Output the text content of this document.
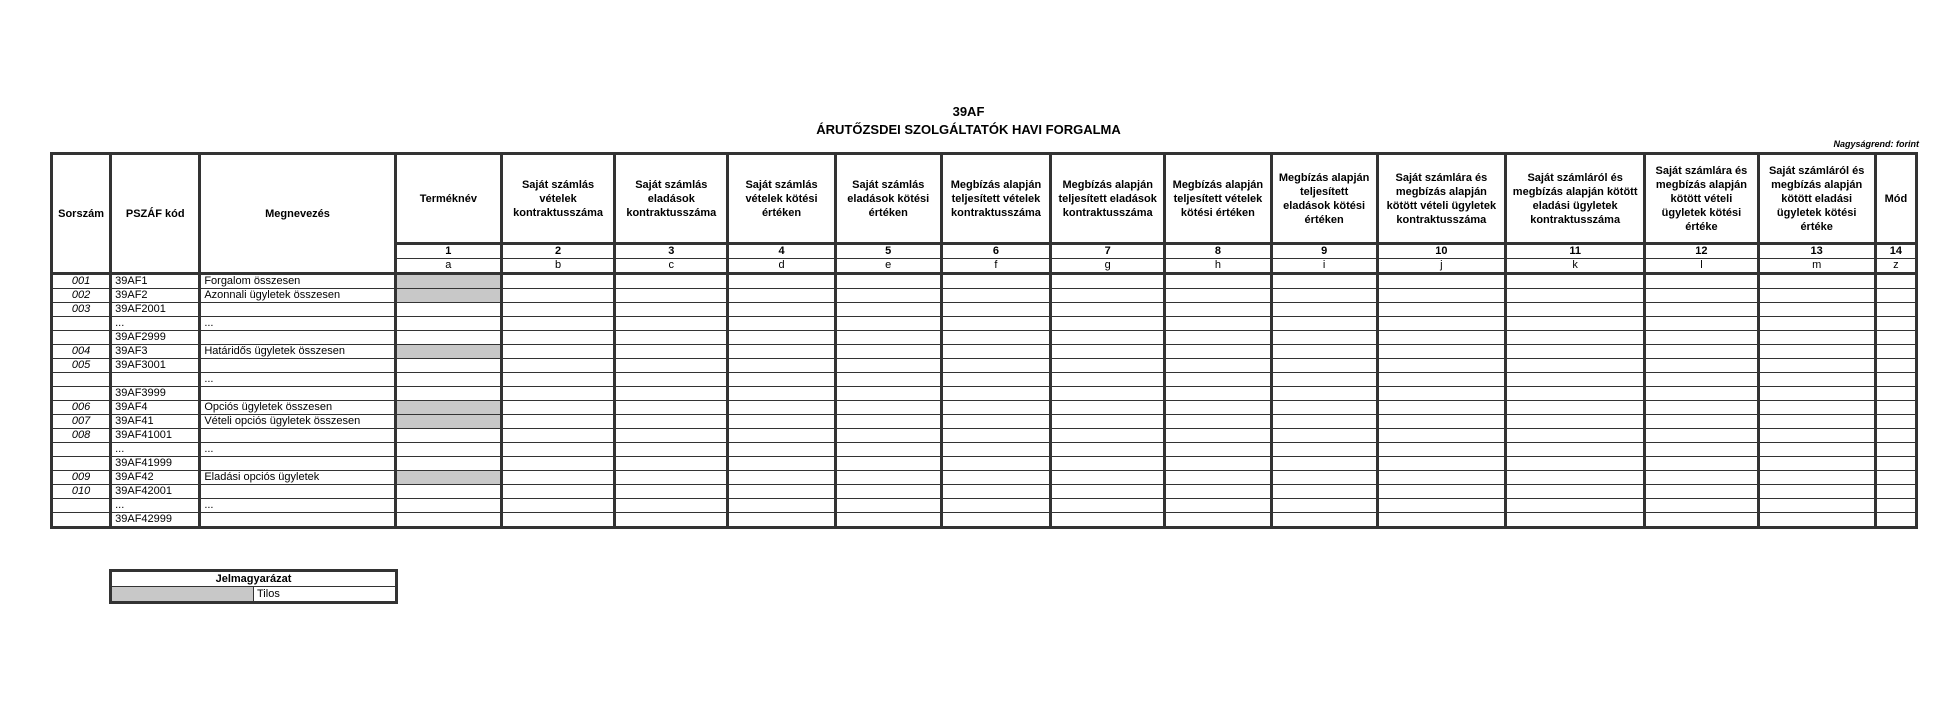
39AF
ÁRUTŐZSDEI SZOLGÁLTATÓK HAVI FORGALMA
Nagyságrend: forint
Sorszám	PSZÁF kód	Megnevezés	Terméknév	Saját számlás vételek kontraktusszáma	Saját számlás eladások kontraktusszáma	Saját számlás vételek kötési értéken	Saját számlás eladások kötési értéken	Megbízás alapján teljesített vételek kontraktusszáma	Megbízás alapján teljesített eladások kontraktusszáma	Megbízás alapján teljesített vételek kötési értéken	Megbízás alapján teljesített eladások kötési értéken	Saját számlára és megbízás alapján kötött vételi ügyletek kontraktusszáma	Saját számláról és megbízás alapján kötött eladási ügyletek kontraktusszáma	Saját számlára és megbízás alapján kötött vételi ügyletek kötési értéke	Saját számláról és megbízás alapján kötött eladási ügyletek kötési értéke	Mód
			1	2	3	4	5	6	7	8	9	10	11	12	13	14
			a	b	c	d	e	f	g	h	i	j	k	l	m	z
001	39AF1	Forgalom összesen														
002	39AF2	Azonnali ügyletek összesen														
003	39AF2001															
	...	...														
	39AF2999															
004	39AF3	Határidős ügyletek összesen														
005	39AF3001															
		...														
	39AF3999															
006	39AF4	Opciós ügyletek összesen														
007	39AF41	Vételi opciós ügyletek összesen														
008	39AF41001															
	...	...														
	39AF41999															
009	39AF42	Eladási opciós ügyletek														
010	39AF42001															
	...	...														
	39AF42999															
Jelmagyarázat
	Tilos
